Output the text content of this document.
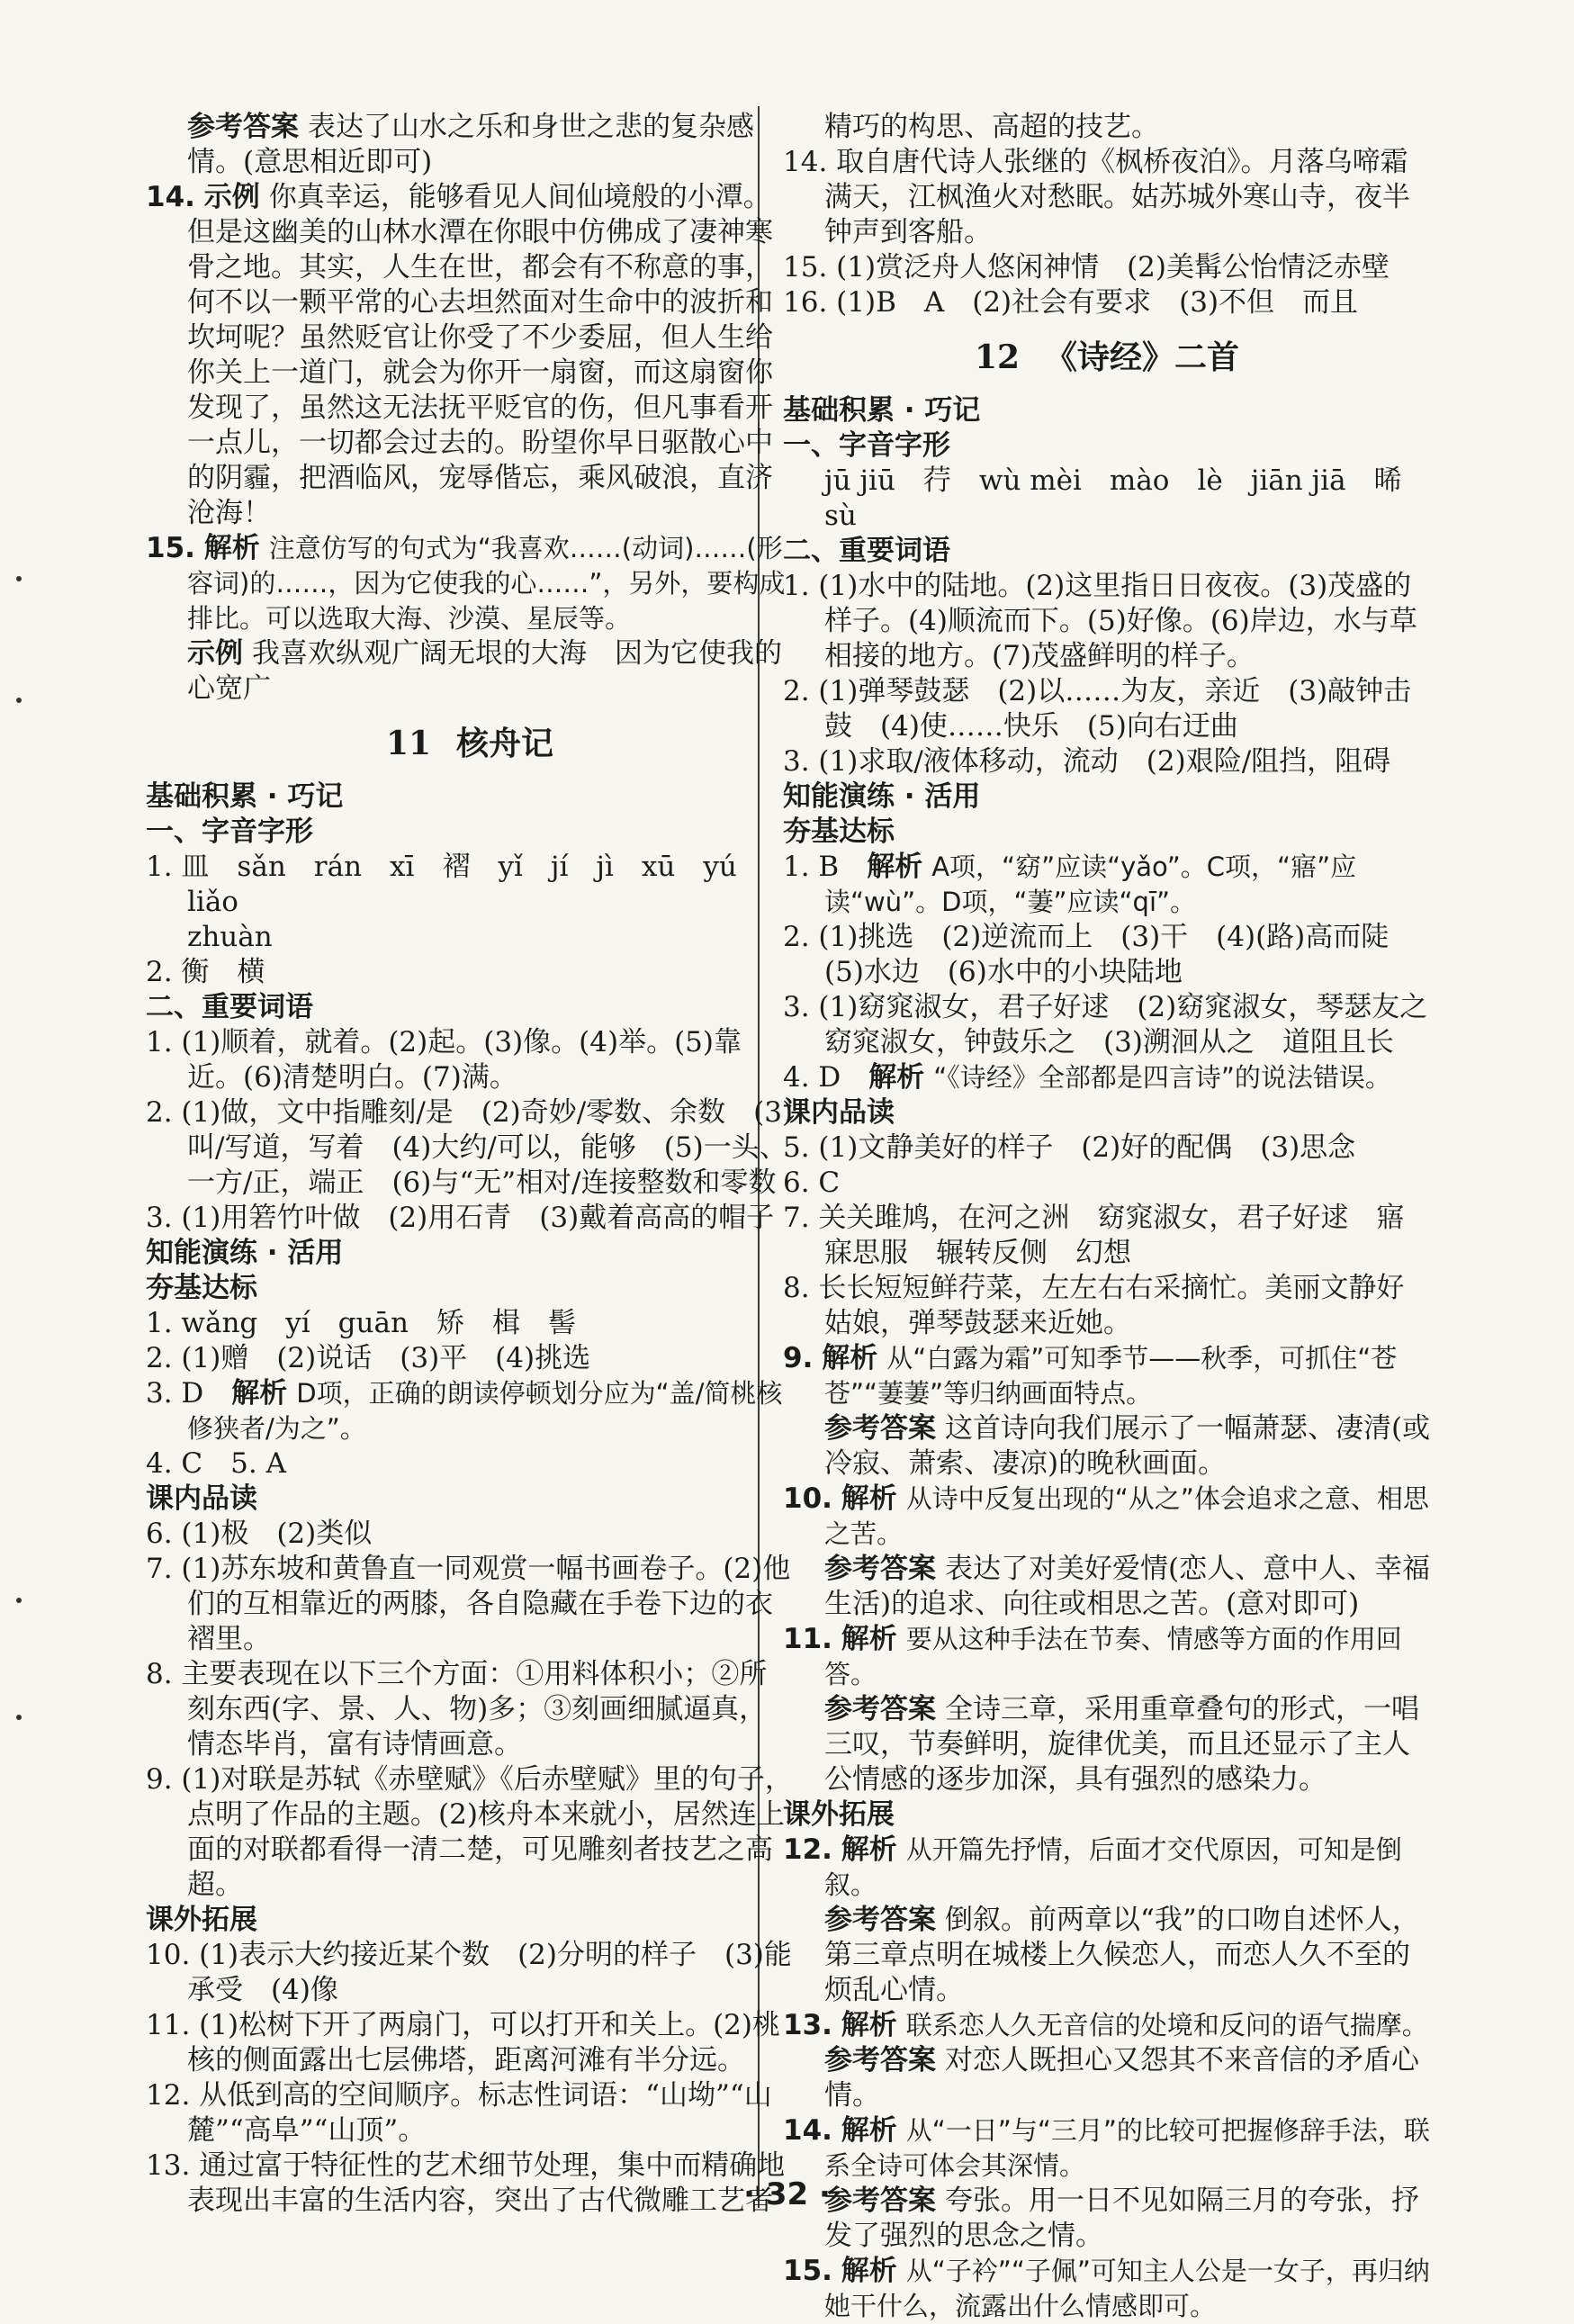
参考答案 表达了山水之乐和身世之悲的复杂感情。(意思相近即可)

14. 示例 你真幸运，能够看见人间仙境般的小潭。但是这幽美的山林水潭在你眼中仿佛成了凄神寒骨之地。其实，人生在世，都会有不称意的事，何不以一颗平常的心去坦然面对生命中的波折和坎坷呢？虽然贬官让你受了不少委屈，但人生给你关上一道门，就会为你开一扇窗，而这扇窗你发现了，虽然这无法抚平贬官的伤，但凡事看开一点儿，一切都会过去的。盼望你早日驱散心中的阴霾，把酒临风，宠辱偕忘，乘风破浪，直济沧海！

15. 解析 注意仿写的句式为“我喜欢……(动词)……(形容词)的……，因为它使我的心……”，另外，要构成排比。可以选取大海、沙漠、星辰等。

示例 我喜欢纵观广阔无垠的大海　因为它使我的心宽广

11 核舟记

基础积累 · 巧记

一、字音字形

1. 皿　sǎn　rán　xī　褶　yǐ　jí　jì　xū　yú　liǎo

zhuàn

2. 衡　横

二、重要词语

1. (1)顺着，就着。(2)起。(3)像。(4)举。(5)靠近。(6)清楚明白。(7)满。

2. (1)做，文中指雕刻/是　(2)奇妙/零数、余数　(3)叫/写道，写着　(4)大约/可以，能够　(5)一头、一方/正，端正　(6)与“无”相对/连接整数和零数

3. (1)用箬竹叶做　(2)用石青　(3)戴着高高的帽子

知能演练 · 活用

夯基达标

1. wǎng　yí　guān　矫　楫　髻

2. (1)赠　(2)说话　(3)平　(4)挑选

3. D　 解析 D项，正确的朗读停顿划分应为“盖/简桃核修狭者/为之”。

4. C　5. A

课内品读

6. (1)极　(2)类似

7. (1)苏东坡和黄鲁直一同观赏一幅书画卷子。(2)他们的互相靠近的两膝，各自隐藏在手卷下边的衣褶里。

8. 主要表现在以下三个方面：①用料体积小；②所刻东西(字、景、人、物)多；③刻画细腻逼真，情态毕肖，富有诗情画意。

9. (1)对联是苏轼《赤壁赋》《后赤壁赋》里的句子，点明了作品的主题。(2)核舟本来就小，居然连上面的对联都看得一清二楚，可见雕刻者技艺之高超。

课外拓展

10. (1)表示大约接近某个数　(2)分明的样子　(3)能承受　(4)像

11. (1)松树下开了两扇门，可以打开和关上。(2)桃核的侧面露出七层佛塔，距离河滩有半分远。

12. 从低到高的空间顺序。标志性词语：“山坳”“山麓”“高阜”“山顶”。

13. 通过富于特征性的艺术细节处理，集中而精确地表现出丰富的生活内容，突出了古代微雕工艺者

精巧的构思、高超的技艺。

14. 取自唐代诗人张继的《枫桥夜泊》。月落乌啼霜满天，江枫渔火对愁眠。姑苏城外寒山寺，夜半钟声到客船。

15. (1)赏泛舟人悠闲神情　(2)美髯公怡情泛赤壁

16. (1)B　A　(2)社会有要求　(3)不但　而且

12 《诗经》二首

基础积累 · 巧记

一、字音字形

jū jiū　荇　wù mèi　mào　lè　jiān jiā　晞　sù

二、重要词语

1. (1)水中的陆地。(2)这里指日日夜夜。(3)茂盛的样子。(4)顺流而下。(5)好像。(6)岸边，水与草相接的地方。(7)茂盛鲜明的样子。

2. (1)弹琴鼓瑟　(2)以……为友，亲近　(3)敲钟击鼓　(4)使……快乐　(5)向右迂曲

3. (1)求取/液体移动，流动　(2)艰险/阻挡，阻碍

知能演练 · 活用

夯基达标

1. B　 解析 A项，“窈”应读“yǎo”。C项，“寤”应读“wù”。D项，“萋”应读“qī”。

2. (1)挑选　(2)逆流而上　(3)干　(4)(路)高而陡　(5)水边　(6)水中的小块陆地

3. (1)窈窕淑女，君子好逑　(2)窈窕淑女，琴瑟友之　窈窕淑女，钟鼓乐之　(3)溯洄从之　道阻且长

4. D　 解析 “《诗经》全部都是四言诗”的说法错误。

课内品读

5. (1)文静美好的样子　(2)好的配偶　(3)思念

6. C

7. 关关雎鸠，在河之洲　窈窕淑女，君子好逑　寤寐思服　辗转反侧　幻想

8. 长长短短鲜荇菜，左左右右采摘忙。美丽文静好姑娘，弹琴鼓瑟来近她。

9. 解析 从“白露为霜”可知季节——秋季，可抓住“苍苍”“萋萋”等归纳画面特点。

参考答案 这首诗向我们展示了一幅萧瑟、凄清(或冷寂、萧索、凄凉)的晚秋画面。

10. 解析 从诗中反复出现的“从之”体会追求之意、相思之苦。

参考答案 表达了对美好爱情(恋人、意中人、幸福生活)的追求、向往或相思之苦。(意对即可)

11. 解析 要从这种手法在节奏、情感等方面的作用回答。

参考答案 全诗三章，采用重章叠句的形式，一唱三叹，节奏鲜明，旋律优美，而且还显示了主人公情感的逐步加深，具有强烈的感染力。

课外拓展

12. 解析 从开篇先抒情，后面才交代原因，可知是倒叙。

参考答案 倒叙。前两章以“我”的口吻自述怀人，第三章点明在城楼上久候恋人，而恋人久不至的烦乱心情。

13. 解析 联系恋人久无音信的处境和反问的语气揣摩。

参考答案 对恋人既担心又怨其不来音信的矛盾心情。

14. 解析 从“一日”与“三月”的比较可把握修辞手法，联系全诗可体会其深情。

参考答案 夸张。用一日不见如隔三月的夸张，抒发了强烈的思念之情。

15. 解析 从“子衿”“子佩”可知主人公是一女子，再归纳她干什么，流露出什么情感即可。

· 32 ·
